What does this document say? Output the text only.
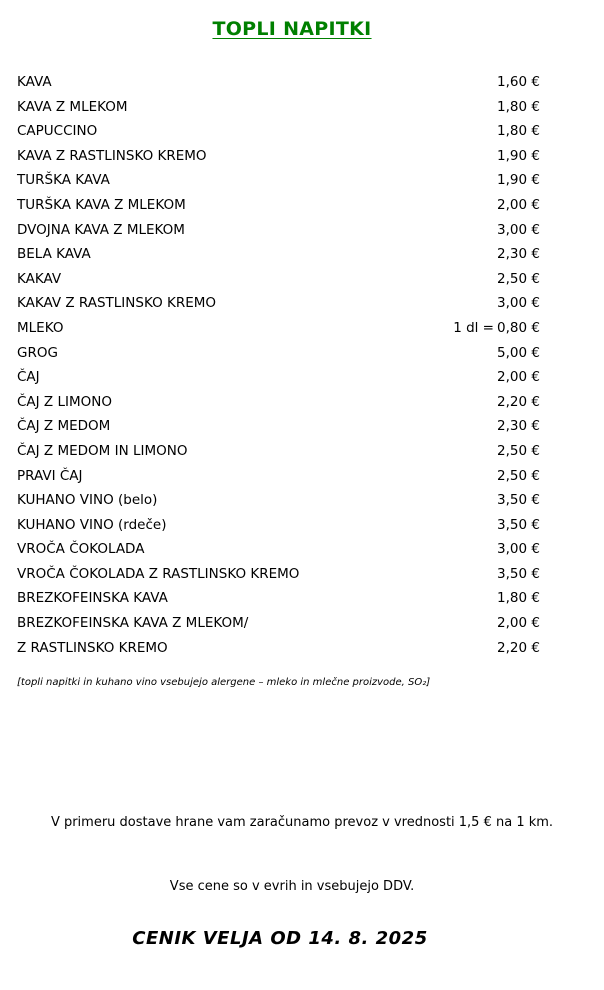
TOPLI NAPITKI
KAVA	1,60 €
KAVA Z MLEKOM	1,80 €
CAPUCCINO	1,80 €
KAVA Z RASTLINSKO KREMO	1,90 €
TURŠKA KAVA	1,90 €
TURŠKA KAVA Z MLEKOM	2,00 €
DVOJNA KAVA Z MLEKOM	3,00 €
BELA KAVA	2,30 €
KAKAV	2,50 €
KAKAV Z RASTLINSKO KREMO	3,00 €
MLEKO	1 dl = 0,80 €
GROG	5,00 €
ČAJ	2,00 €
ČAJ Z LIMONO	2,20 €
ČAJ Z MEDOM	2,30 €
ČAJ Z MEDOM IN LIMONO	2,50 €
PRAVI ČAJ	2,50 €
KUHANO VINO (belo)	3,50 €
KUHANO VINO (rdeče)	3,50 €
VROČA ČOKOLADA	3,00 €
VROČA ČOKOLADA Z RASTLINSKO KREMO	3,50 €
BREZKOFEINSKA KAVA	1,80 €
BREZKOFEINSKA KAVA Z MLEKOM/	2,00 €
Z RASTLINSKO KREMO	2,20 €
[topli napitki in kuhano vino vsebujejo alergene – mleko in mlečne proizvode, SO₂]
V primeru dostave hrane vam zaračunamo prevoz v vrednosti 1,5 € na 1 km.
Vse cene so v evrih in vsebujejo DDV.
CENIK VELJA OD 14. 8. 2025
